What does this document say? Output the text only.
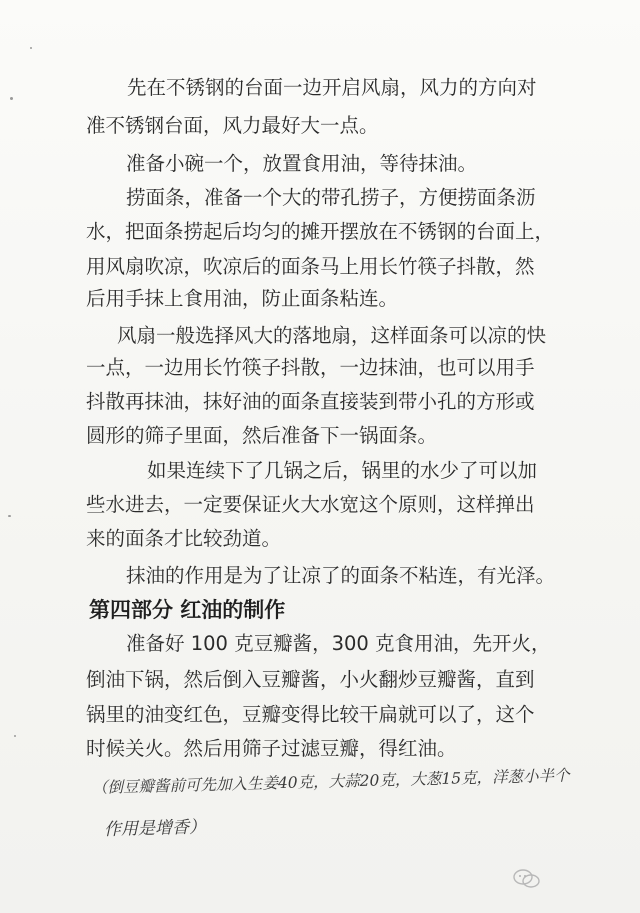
先在不锈钢的台面一边开启风扇，风力的方向对
准不锈钢台面，风力最好大一点。
准备小碗一个，放置食用油，等待抹油。
捞面条，准备一个大的带孔捞子，方便捞面条沥
水，把面条捞起后均匀的摊开摆放在不锈钢的台面上，
用风扇吹凉，吹凉后的面条马上用长竹筷子抖散，然
后用手抹上食用油，防止面条粘连。
风扇一般选择风大的落地扇，这样面条可以凉的快
一点，一边用长竹筷子抖散，一边抹油，也可以用手
抖散再抹油，抹好油的面条直接装到带小孔的方形或
圆形的筛子里面，然后准备下一锅面条。
如果连续下了几锅之后，锅里的水少了可以加
些水进去，一定要保证火大水宽这个原则，这样掸出
来的面条才比较劲道。
抹油的作用是为了让凉了的面条不粘连，有光泽。
第四部分 红油的制作
准备好 100 克豆瓣酱，300 克食用油，先开火，
倒油下锅，然后倒入豆瓣酱，小火翻炒豆瓣酱，直到
锅里的油变红色，豆瓣变得比较干扁就可以了，这个
时候关火。然后用筛子过滤豆瓣，得红油。
（倒豆瓣酱前可先加入生姜40克，大蒜20克，大葱15克，洋葱小半个
作用是增香）
